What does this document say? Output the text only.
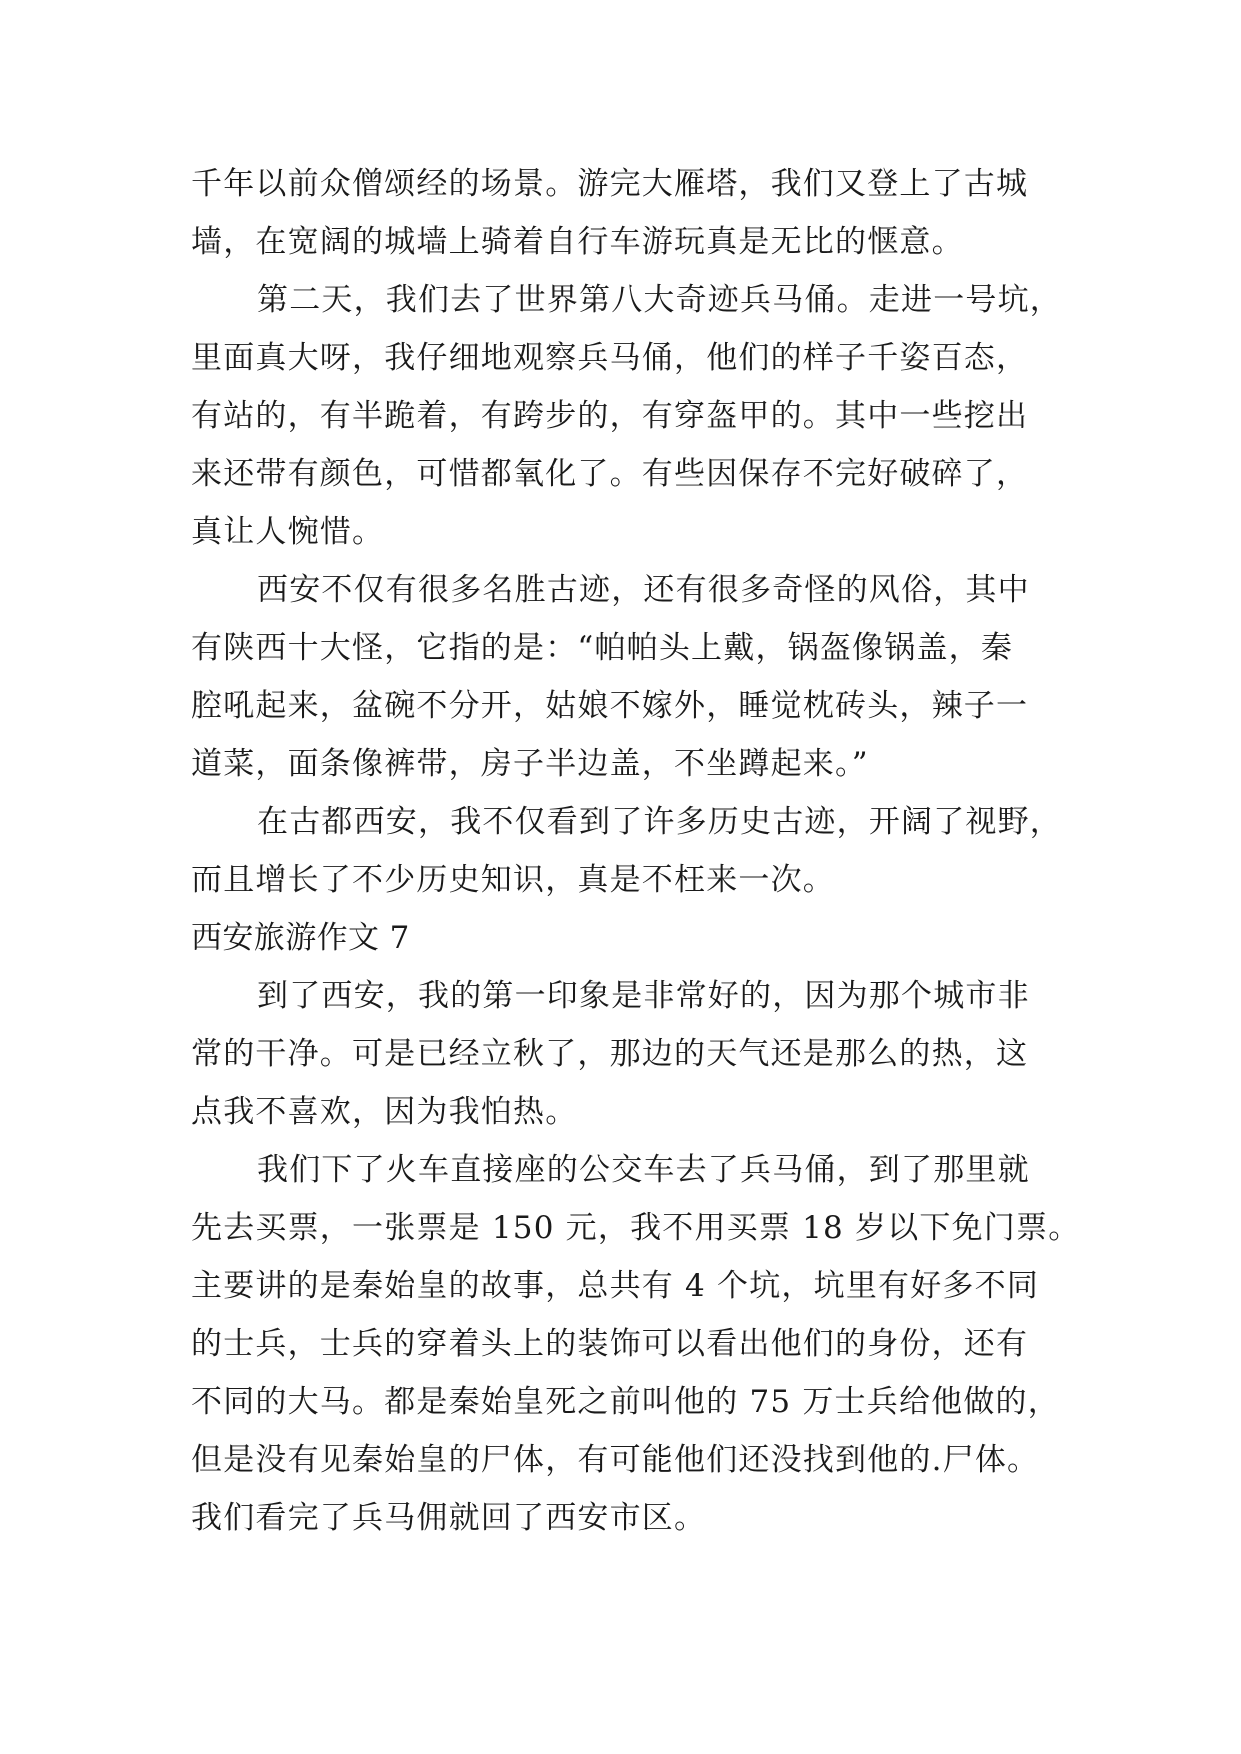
千年以前众僧颂经的场景。游完大雁塔，我们又登上了古城
墙，在宽阔的城墙上骑着自行车游玩真是无比的惬意。
第二天，我们去了世界第八大奇迹兵马俑。走进一号坑，
里面真大呀，我仔细地观察兵马俑，他们的样子千姿百态，
有站的，有半跪着，有跨步的，有穿盔甲的。其中一些挖出
来还带有颜色，可惜都氧化了。有些因保存不完好破碎了，
真让人惋惜。
西安不仅有很多名胜古迹，还有很多奇怪的风俗，其中
有陕西十大怪，它指的是：“帕帕头上戴，锅盔像锅盖，秦
腔吼起来，盆碗不分开，姑娘不嫁外，睡觉枕砖头，辣子一
道菜，面条像裤带，房子半边盖，不坐蹲起来。”
在古都西安，我不仅看到了许多历史古迹，开阔了视野，
而且增长了不少历史知识，真是不枉来一次。
西安旅游作文 7
到了西安，我的第一印象是非常好的，因为那个城市非
常的干净。可是已经立秋了，那边的天气还是那么的热，这
点我不喜欢，因为我怕热。
我们下了火车直接座的公交车去了兵马俑，到了那里就
先去买票，一张票是 150 元，我不用买票 18 岁以下免门票。
主要讲的是秦始皇的故事，总共有 4 个坑，坑里有好多不同
的士兵，士兵的穿着头上的装饰可以看出他们的身份，还有
不同的大马。都是秦始皇死之前叫他的 75 万士兵给他做的，
但是没有见秦始皇的尸体，有可能他们还没找到他的.尸体。
我们看完了兵马佣就回了西安市区。
